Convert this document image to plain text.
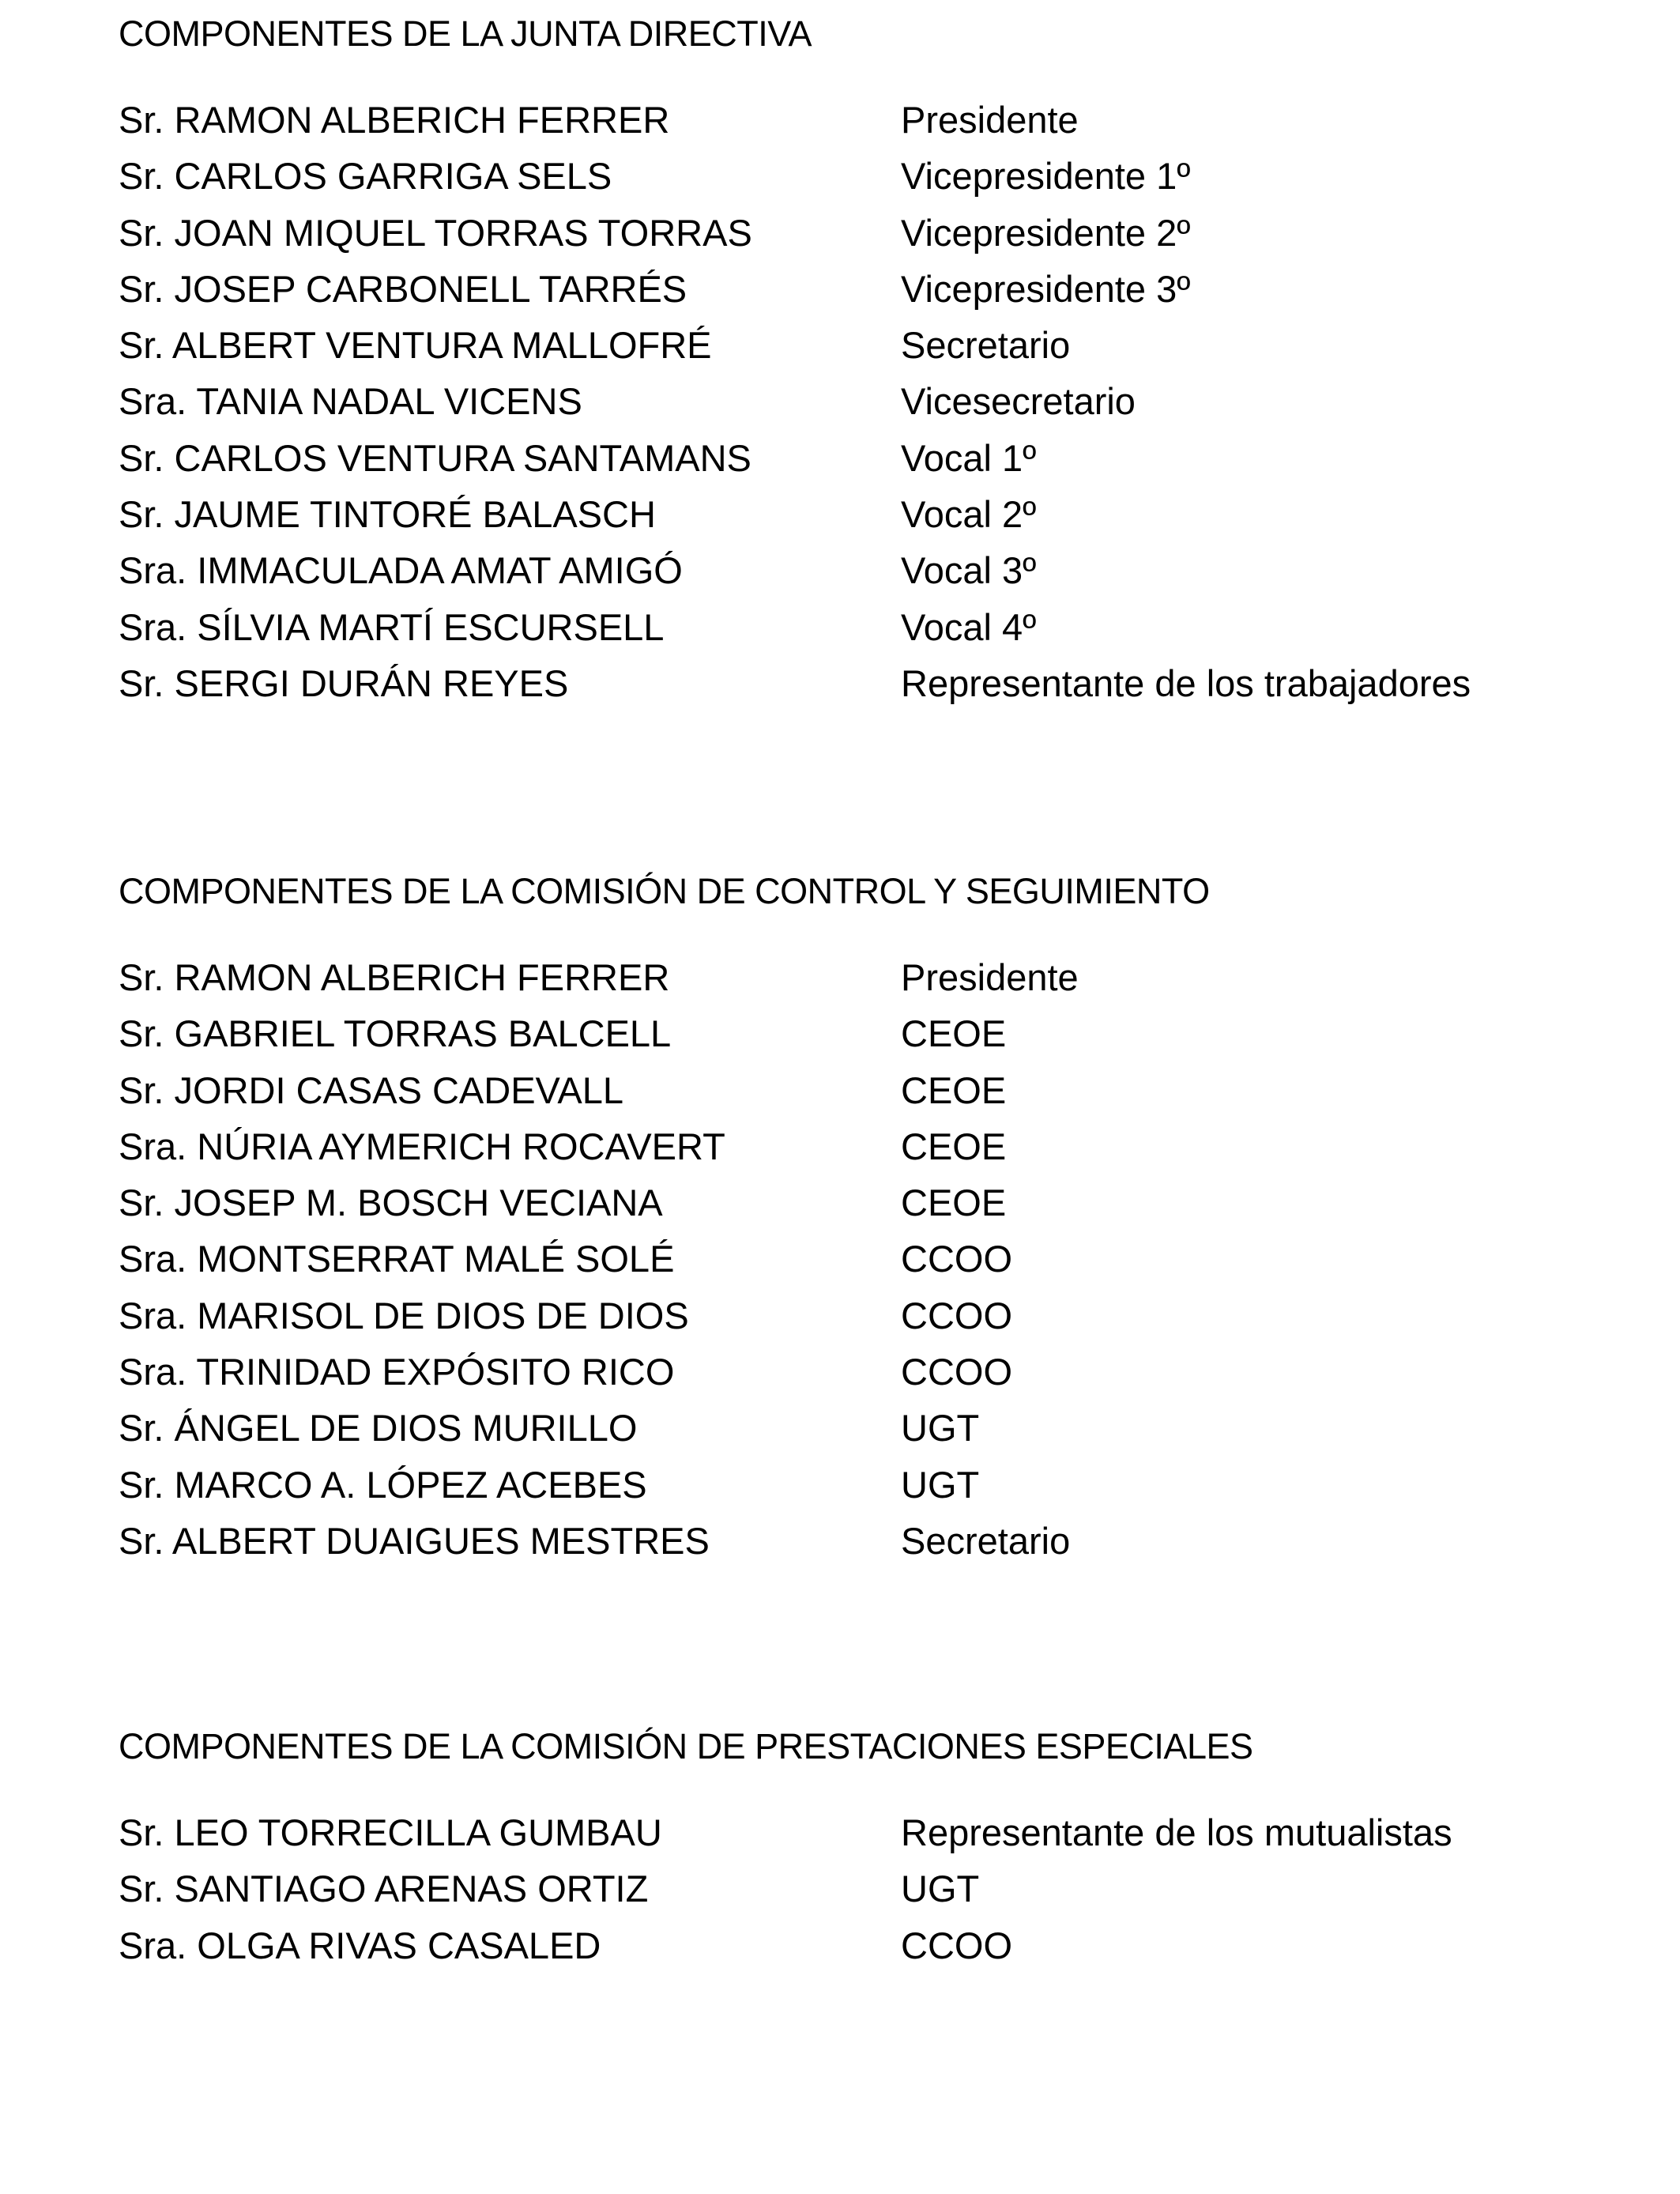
COMPONENTES DE LA JUNTA DIRECTIVA
Sr. RAMON ALBERICH FERRER	Presidente
Sr. CARLOS GARRIGA SELS	Vicepresidente 1º
Sr. JOAN MIQUEL TORRAS TORRAS	Vicepresidente 2º
Sr. JOSEP CARBONELL TARRÉS	Vicepresidente 3º
Sr. ALBERT VENTURA MALLOFRÉ	Secretario
Sra. TANIA NADAL VICENS	Vicesecretario
Sr. CARLOS VENTURA SANTAMANS	Vocal 1º
Sr. JAUME TINTORÉ BALASCH	Vocal 2º
Sra. IMMACULADA AMAT AMIGÓ	Vocal 3º
Sra. SÍLVIA MARTÍ ESCURSELL	Vocal 4º
Sr. SERGI DURÁN REYES	Representante de los trabajadores
COMPONENTES DE LA COMISIÓN DE CONTROL Y SEGUIMIENTO
Sr. RAMON ALBERICH FERRER	Presidente
Sr. GABRIEL TORRAS BALCELL	CEOE
Sr. JORDI CASAS CADEVALL	CEOE
Sra. NÚRIA AYMERICH ROCAVERT	CEOE
Sr. JOSEP M. BOSCH VECIANA	CEOE
Sra. MONTSERRAT MALÉ SOLÉ	CCOO
Sra. MARISOL DE DIOS DE DIOS	CCOO
Sra. TRINIDAD EXPÓSITO RICO	CCOO
Sr. ÁNGEL DE DIOS MURILLO	UGT
Sr. MARCO A. LÓPEZ ACEBES	UGT
Sr. ALBERT DUAIGUES MESTRES	Secretario
COMPONENTES DE LA COMISIÓN DE PRESTACIONES ESPECIALES
Sr. LEO TORRECILLA GUMBAU	Representante de los mutualistas
Sr. SANTIAGO ARENAS ORTIZ	UGT
Sra. OLGA RIVAS CASALED	CCOO
